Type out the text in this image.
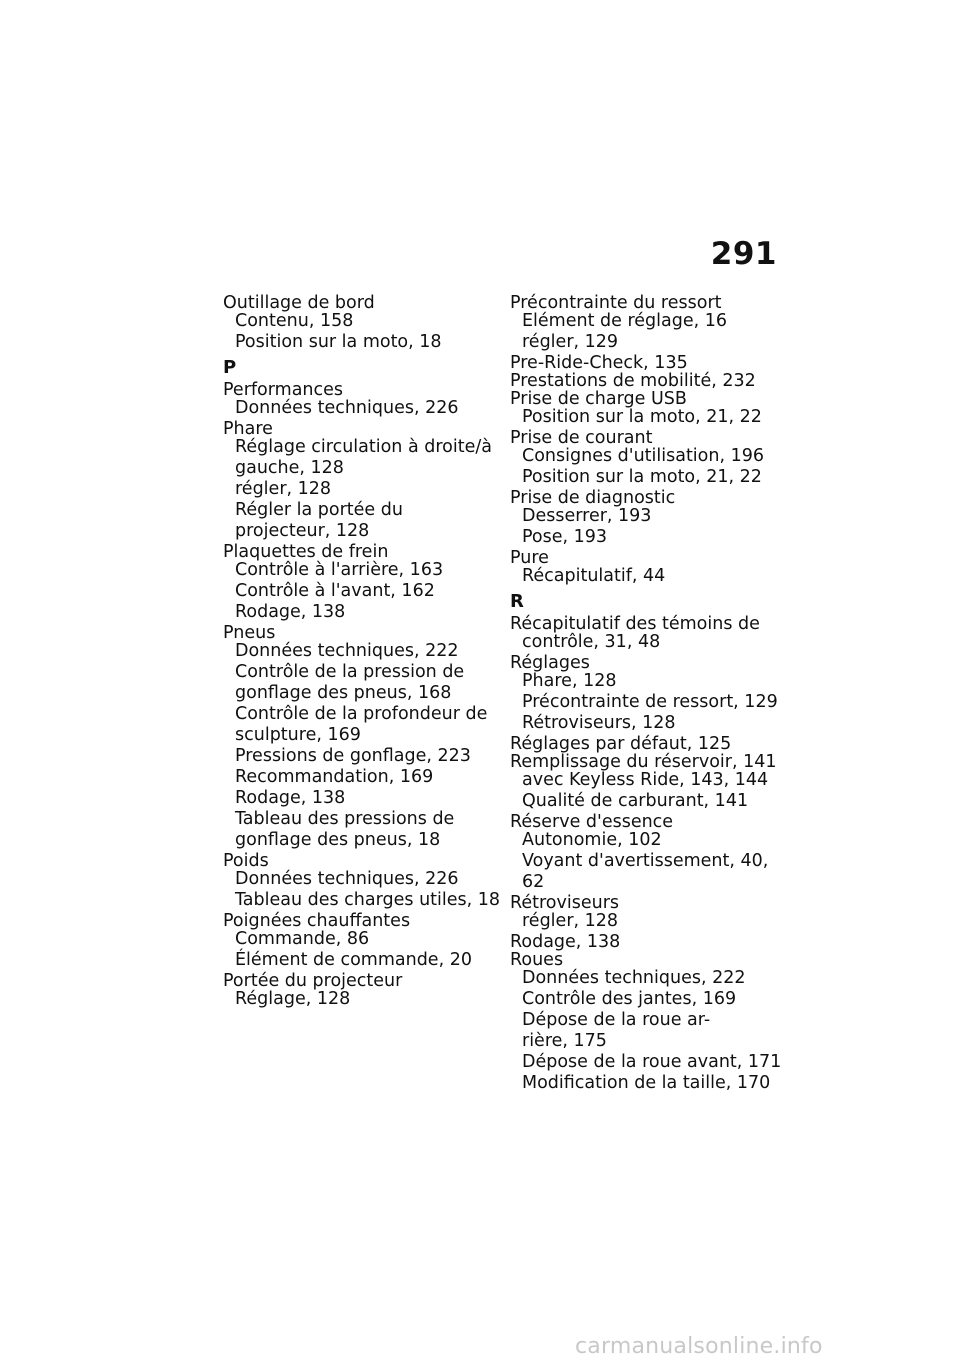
291
Outillage de bord
Contenu, 158
Position sur la moto, 18
P
Performances
Données techniques, 226
Phare
Réglage circulation à droite/à
gauche, 128
régler, 128
Régler la portée du
projecteur, 128
Plaquettes de frein
Contrôle à l'arrière, 163
Contrôle à l'avant, 162
Rodage, 138
Pneus
Données techniques, 222
Contrôle de la pression de
gonflage des pneus, 168
Contrôle de la profondeur de
sculpture, 169
Pressions de gonflage, 223
Recommandation, 169
Rodage, 138
Tableau des pressions de
gonflage des pneus, 18
Poids
Données techniques, 226
Tableau des charges utiles, 18
Poignées chauffantes
Commande, 86
Élément de commande, 20
Portée du projecteur
Réglage, 128
Précontrainte du ressort
Elément de réglage, 16
régler, 129
Pre-Ride-Check, 135
Prestations de mobilité, 232
Prise de charge USB
Position sur la moto, 21, 22
Prise de courant
Consignes d'utilisation, 196
Position sur la moto, 21, 22
Prise de diagnostic
Desserrer, 193
Pose, 193
Pure
Récapitulatif, 44
R
Récapitulatif des témoins de
contrôle, 31, 48
Réglages
Phare, 128
Précontrainte de ressort, 129
Rétroviseurs, 128
Réglages par défaut, 125
Remplissage du réservoir, 141
avec Keyless Ride, 143, 144
Qualité de carburant, 141
Réserve d'essence
Autonomie, 102
Voyant d'avertissement, 40,
62
Rétroviseurs
régler, 128
Rodage, 138
Roues
Données techniques, 222
Contrôle des jantes, 169
Dépose de la roue ar-
rière, 175
Dépose de la roue avant, 171
Modification de la taille, 170
carmanualsonline.info
